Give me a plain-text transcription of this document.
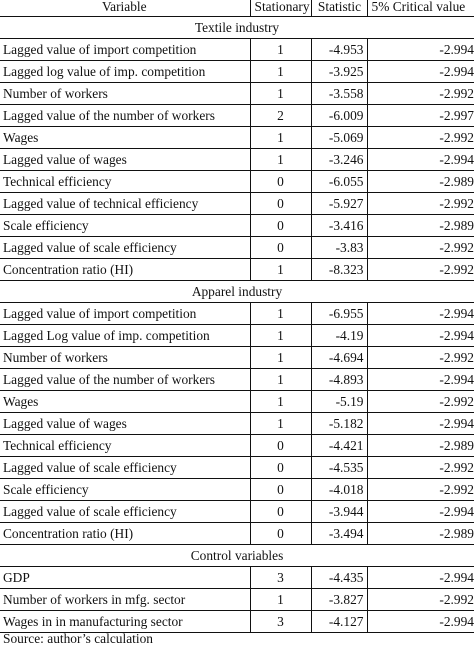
Variable	Stationary	Statistic	5% Critical value
Textile industry			
Lagged value of import competition	1	-4.953	-2.994
Lagged log value of imp. competition	1	-3.925	-2.994
Number of workers	1	-3.558	-2.992
Lagged value of the number of workers	2	-6.009	-2.997
Wages	1	-5.069	-2.992
Lagged value of wages	1	-3.246	-2.994
Technical efficiency	0	-6.055	-2.989
Lagged value of technical efficiency	0	-5.927	-2.992
Scale efficiency	0	-3.416	-2.989
Lagged value of scale efficiency	0	-3.83	-2.992
Concentration ratio (HI)	1	-8.323	-2.992
Apparel industry			
Lagged value of import competition	1	-6.955	-2.994
Lagged Log value of imp. competition	1	-4.19	-2.994
Number of workers	1	-4.694	-2.992
Lagged value of the number of workers	1	-4.893	-2.994
Wages	1	-5.19	-2.992
Lagged value of wages	1	-5.182	-2.994
Technical efficiency	0	-4.421	-2.989
Lagged value of scale efficiency	0	-4.535	-2.992
Scale efficiency	0	-4.018	-2.992
Lagged value of scale efficiency	0	-3.944	-2.994
Concentration ratio (HI)	0	-3.494	-2.989
Control variables			
GDP	3	-4.435	-2.994
Number of workers in mfg. sector	1	-3.827	-2.992
Wages in in manufacturing sector	3	-4.127	-2.994
Source: author’s calculation
